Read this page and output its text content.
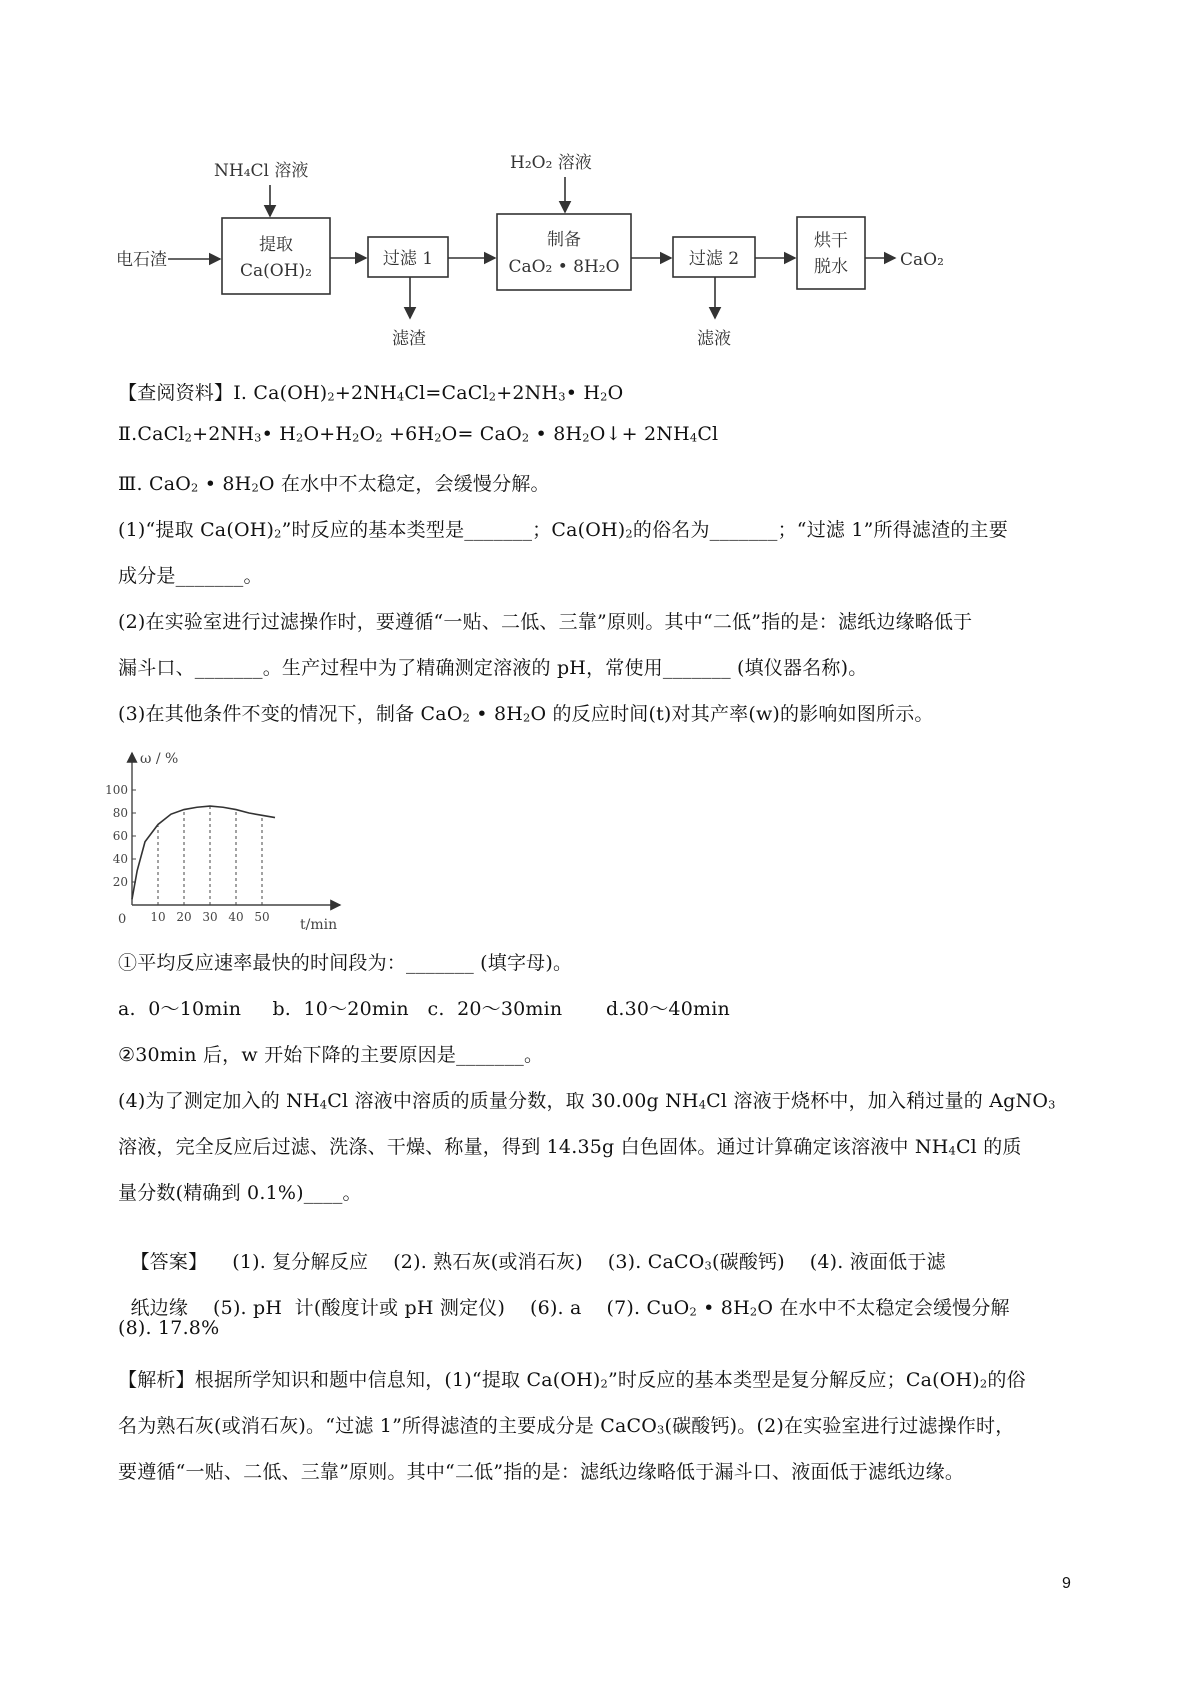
NH₄Cl 溶液	H₂O₂ 溶液
电石渣
提取
Ca(OH)₂
过滤 1
制备
CaO₂ • 8H₂O	过滤 2
烘干
脱水	CaO₂
滤渣	滤液
【查阅资料】I. $Ca(OH)_2+2NH_4Cl=CaCl_2+2NH_3•$ $H_2O$
$Ⅱ.CaCl_2+2NH_3•$ $H_2O+H_2O_2 +6H_2O= CaO_2$ • $8H_2O↓+ 2NH_4Cl$
Ⅲ. CaO$_2$ • $8H_2O$ 在水中不太稳定，会缓慢分解。
(1)“提取 $Ca(OH)_2$”时反应的基本类型是_______；$Ca(OH)_2$的俗名为_______；“过滤 1”所得滤渣的主要
成分是_______。
(2)在实验室进行过滤操作时，要遵循“一贴、二低、三靠”原则。其中“二低”指的是：滤纸边缘略低于
漏斗口、_______。生产过程中为了精确测定溶液的 pH，常使用_______ (填仪器名称)。
(3)在其他条件不变的情况下，制备 CaO$_2$ • $8H_2O$ 的反应时间(t)对其产率(w)的影响如图所示。
ω / %
t/min
0
100
80
60
40
20
10 20 30 40 50
①平均反应速率最快的时间段为：_______ (填字母)。
a.  0～10min     b.  10～20min   c.  20～30min       d.30～40min
②30min 后，w 开始下降的主要原因是_______。
(4)为了测定加入的 $NH_4Cl$ 溶液中溶质的质量分数，取 30.00g $NH_4Cl$ 溶液于烧杯中，加入稍过量的 AgNO$_3$
溶液，完全反应后过滤、洗涤、干燥、称量，得到 14.35g 白色固体。通过计算确定该溶液中 $NH_4Cl$ 的质
量分数(精确到 0.1%)____。

【答案】    (1). 复分解反应    (2). 熟石灰(或消石灰)    (3). CaCO$_3$(碳酸钙)    (4). 液面低于滤

纸边缘    (5). pH  计(酸度计或 pH 测定仪)    (6). a    (7). CuO$_2$ • $8H_2O$ 在水中不太稳定会缓慢分解

(8). 17.8%
【解析】根据所学知识和题中信息知，(1)“提取 $Ca(OH)_2$”时反应的基本类型是复分解反应；$Ca(OH)_2$的俗
名为熟石灰(或消石灰)。“过滤 1”所得滤渣的主要成分是 CaCO$_3$(碳酸钙)。(2)在实验室进行过滤操作时，
要遵循“一贴、二低、三靠”原则。其中“二低”指的是：滤纸边缘略低于漏斗口、液面低于滤纸边缘。
9
